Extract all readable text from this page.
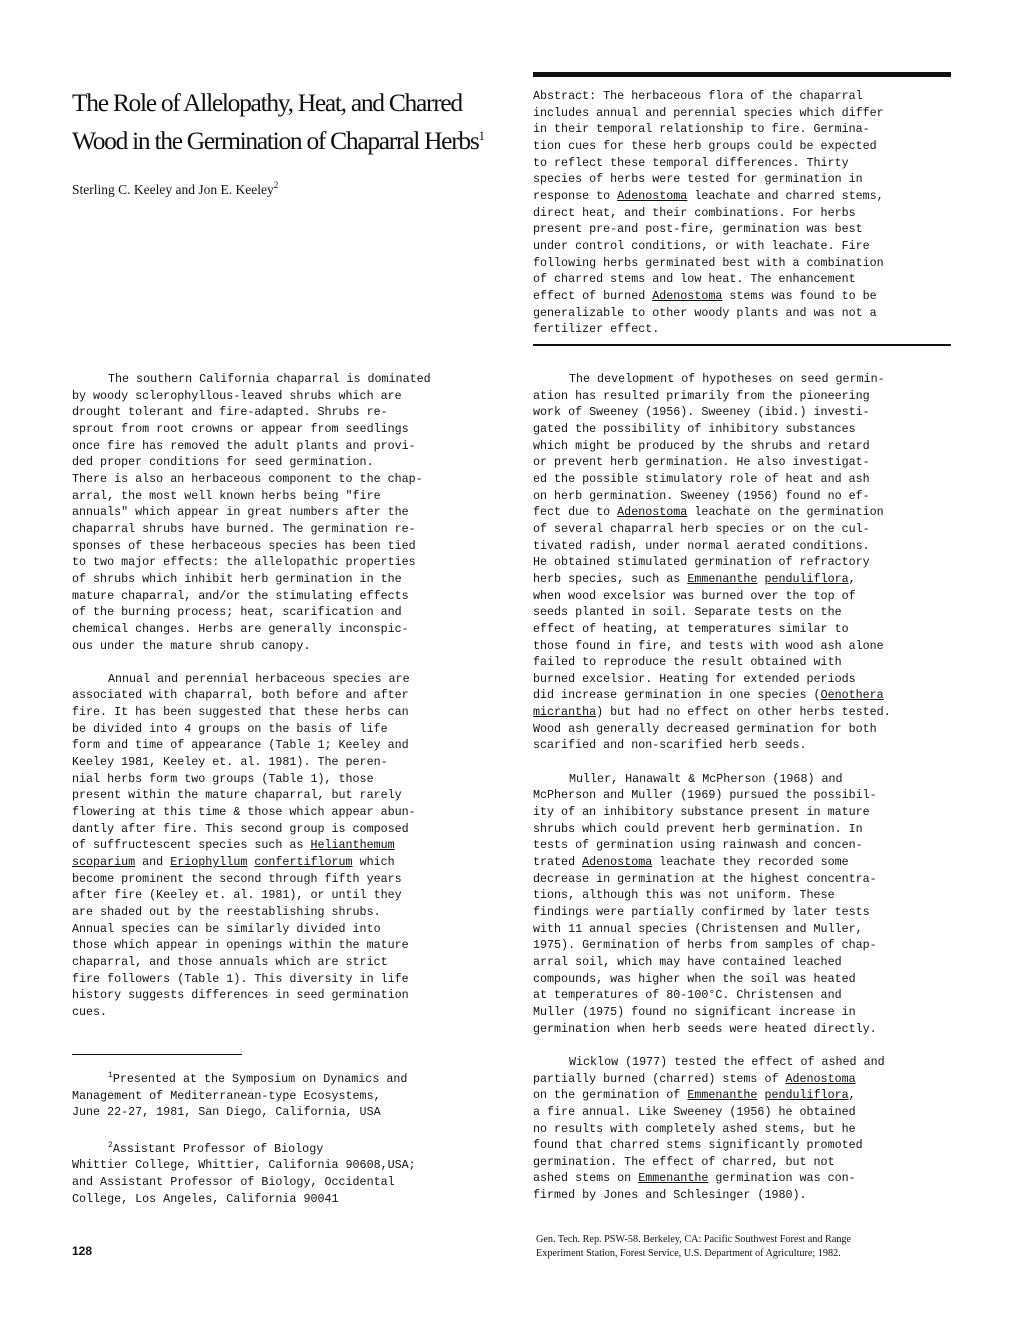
The Role of Allelopathy, Heat, and Charred
Wood in the Germination of Chaparral Herbs$^1$
Sterling C. Keeley and Jon E. Keeley$^2$
Abstract: The herbaceous flora of the chaparral
includes annual and perennial species which differ
in their temporal relationship to fire. Germina-
tion cues for these herb groups could be expected
to reflect these temporal differences. Thirty
species of herbs were tested for germination in
response to Adenostoma leachate and charred stems,
direct heat, and their combinations. For herbs
present pre-and post-fire, germination was best
under control conditions, or with leachate. Fire
following herbs germinated best with a combination
of charred stems and low heat. The enhancement
effect of burned Adenostoma stems was found to be
generalizable to other woody plants and was not a
fertilizer effect.
The southern California chaparral is dominated
by woody sclerophyllous-leaved shrubs which are
drought tolerant and fire-adapted. Shrubs re-
sprout from root crowns or appear from seedlings
once fire has removed the adult plants and provi-
ded proper conditions for seed germination.
There is also an herbaceous component to the chap-
arral, the most well known herbs being "fire
annuals" which appear in great numbers after the
chaparral shrubs have burned. The germination re-
sponses of these herbaceous species has been tied
to two major effects: the allelopathic properties
of shrubs which inhibit herb germination in the
mature chaparral, and/or the stimulating effects
of the burning process; heat, scarification and
chemical changes. Herbs are generally inconspic-
ous under the mature shrub canopy.
Annual and perennial herbaceous species are
associated with chaparral, both before and after
fire. It has been suggested that these herbs can
be divided into 4 groups on the basis of life
form and time of appearance (Table 1; Keeley and
Keeley 1981, Keeley et. al. 1981). The peren-
nial herbs form two groups (Table 1), those
present within the mature chaparral, but rarely
flowering at this time & those which appear abun-
dantly after fire. This second group is composed
of suffructescent species such as Helianthemum
scoparium and Eriophyllum confertiflorum which
become prominent the second through fifth years
after fire (Keeley et. al. 1981), or until they
are shaded out by the reestablishing shrubs.
Annual species can be similarly divided into
those which appear in openings within the mature
chaparral, and those annuals which are strict
fire followers (Table 1). This diversity in life
history suggests differences in seed germination
cues.
$^1$Presented at the Symposium on Dynamics and
Management of Mediterranean-type Ecosystems,
June 22-27, 1981, San Diego, California, USA
$^2$Assistant Professor of Biology
Whittier College, Whittier, California 90608,USA;
and Assistant Professor of Biology, Occidental
College, Los Angeles, California 90041
The development of hypotheses on seed germin-
ation has resulted primarily from the pioneering
work of Sweeney (1956). Sweeney (ibid.) investi-
gated the possibility of inhibitory substances
which might be produced by the shrubs and retard
or prevent herb germination. He also investigat-
ed the possible stimulatory role of heat and ash
on herb germination. Sweeney (1956) found no ef-
fect due to Adenostoma leachate on the germination
of several chaparral herb species or on the cul-
tivated radish, under normal aerated conditions.
He obtained stimulated germination of refractory
herb species, such as Emmenanthe penduliflora,
when wood excelsior was burned over the top of
seeds planted in soil. Separate tests on the
effect of heating, at temperatures similar to
those found in fire, and tests with wood ash alone
failed to reproduce the result obtained with
burned excelsior. Heating for extended periods
did increase germination in one species (Oenothera
micrantha) but had no effect on other herbs tested.
Wood ash generally decreased germination for both
scarified and non-scarified herb seeds.
Muller, Hanawalt & McPherson (1968) and
McPherson and Muller (1969) pursued the possibil-
ity of an inhibitory substance present in mature
shrubs which could prevent herb germination. In
tests of germination using rainwash and concen-
trated Adenostoma leachate they recorded some
decrease in germination at the highest concentra-
tions, although this was not uniform. These
findings were partially confirmed by later tests
with 11 annual species (Christensen and Muller,
1975). Germination of herbs from samples of chap-
arral soil, which may have contained leached
compounds, was higher when the soil was heated
at temperatures of 80-100°C. Christensen and
Muller (1975) found no significant increase in
germination when herb seeds were heated directly.
Wicklow (1977) tested the effect of ashed and
partially burned (charred) stems of Adenostoma
on the germination of Emmenanthe penduliflora,
a fire annual. Like Sweeney (1956) he obtained
no results with completely ashed stems, but he
found that charred stems significantly promoted
germination. The effect of charred, but not
ashed stems on Emmenanthe germination was con-
firmed by Jones and Schlesinger (1980).
128
Gen. Tech. Rep. PSW-58. Berkeley, CA: Pacific Southwest Forest and Range
Experiment Station, Forest Service, U.S. Department of Agriculture; 1982.
